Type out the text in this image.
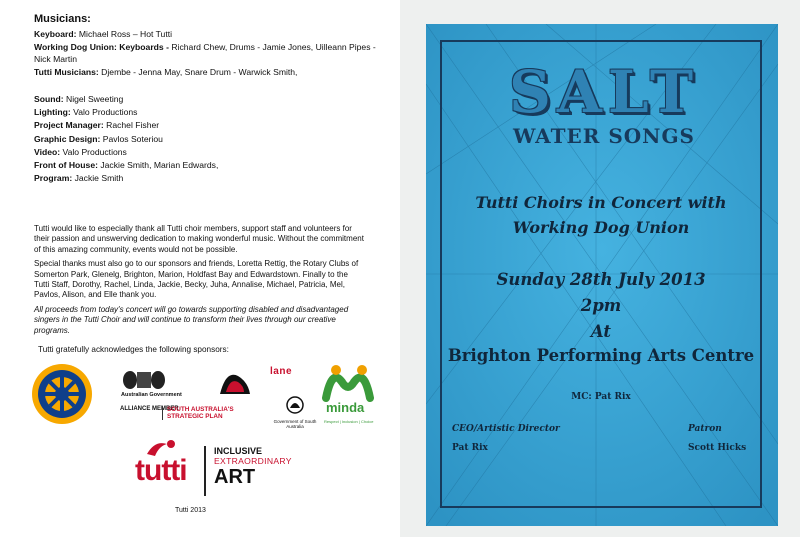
Musicians:
Keyboard: Michael Ross – Hot Tutti
Working Dog Union: Keyboards - Richard Chew, Drums - Jamie Jones, Uilleann Pipes - Nick Martin
Tutti Musicians: Djembe - Jenna May, Snare Drum - Warwick Smith,
Sound: Nigel Sweeting
Lighting: Valo Productions
Project Manager: Rachel Fisher
Graphic Design: Pavlos Soteriou
Video: Valo Productions
Front of House: Jackie Smith, Marian Edwards,
Program: Jackie Smith

Tutti would like to especially thank all Tutti choir members, support staff and volunteers for their passion and unswerving dedication to making wonderful music. Without the commitment of this amazing community, events would not be possible.

Special thanks must also go to our sponsors and friends, Loretta Rettig, the Rotary Clubs of Somerton Park, Glenelg, Brighton, Marion, Holdfast Bay and Edwardstown. Finally to the Tutti Staff, Dorothy, Rachel, Linda, Jackie, Becky, Juha, Annalise, Michael, Patricia, Mel, Pavlos, Alison, and Elle thank you.

All proceeds from today's concert will go towards supporting disabled and disadvantaged singers in the Tutti Choir and will continue to transform their lives through our creative programs.

Tutti gratefully acknowledges the following sponsors:
Australian Government
ALLIANCE MEMBER
SOUTH AUSTRALIA'S STRATEGIC PLAN
lane
Government of South Australia
minda
Respect | Inclusion | Choice
tutti
INCLUSIVE
EXTRAORDINARY
ART
Tutti 2013
SALT
WATER SONGS
Tutti Choirs in Concert with
Working Dog Union
Sunday 28th July 2013
2pm
At
Brighton Performing Arts Centre
MC: Pat Rix
CEO/Artistic Director
Pat Rix
Patron
Scott Hicks
